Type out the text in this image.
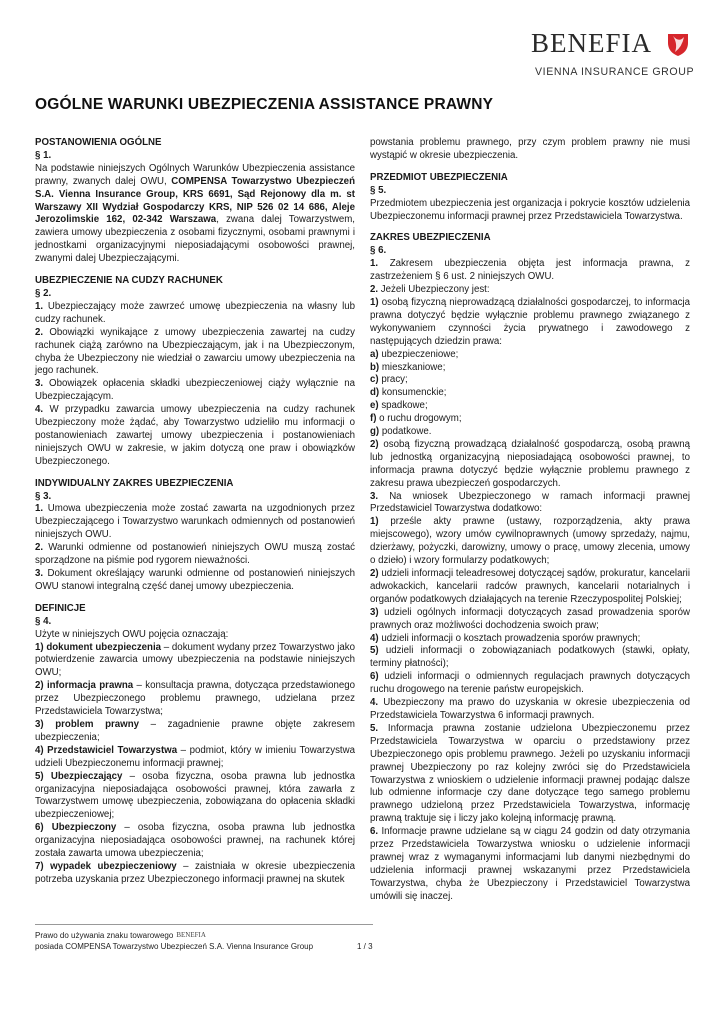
BENEFIA
VIENNA INSURANCE GROUP
OGÓLNE WARUNKI UBEZPIECZENIA ASSISTANCE PRAWNY

POSTANOWIENIA OGÓLNE

§ 1.

Na podstawie niniejszych Ogólnych Warunków Ubezpieczenia assistance prawny, zwanych dalej OWU, COMPENSA Towarzystwo Ubezpieczeń S.A. Vienna Insurance Group, KRS 6691, Sąd Rejonowy dla m. st Warszawy XII Wydział Gospodarczy KRS, NIP 526 02 14 686, Aleje Jerozolimskie 162, 02-342 Warszawa, zwana dalej Towarzystwem, zawiera umowy ubezpieczenia z osobami fizycznymi, osobami prawnymi i jednostkami organizacyjnymi nieposiadającymi osobowości prawnej, zwanymi dalej Ubezpieczającymi.

UBEZPIECZENIE NA CUDZY RACHUNEK

§ 2.

1. Ubezpieczający może zawrzeć umowę ubezpieczenia na własny lub cudzy rachunek.

2. Obowiązki wynikające z umowy ubezpieczenia zawartej na cudzy rachunek ciążą zarówno na Ubezpieczającym, jak i na Ubezpieczonym, chyba że Ubezpieczony nie wiedział o zawarciu umowy ubezpieczenia na jego rachunek.

3. Obowiązek opłacenia składki ubezpieczeniowej ciąży wyłącznie na Ubezpieczającym.

4. W przypadku zawarcia umowy ubezpieczenia na cudzy rachunek Ubezpieczony może żądać, aby Towarzystwo udzieliło mu informacji o postanowieniach zawartej umowy ubezpieczenia i postanowieniach niniejszych OWU w zakresie, w jakim dotyczą one praw i obowiązków Ubezpieczonego.

INDYWIDUALNY ZAKRES UBEZPIECZENIA

§ 3.

1. Umowa ubezpieczenia może zostać zawarta na uzgodnionych przez Ubezpieczającego i Towarzystwo warunkach odmiennych od postanowień niniejszych OWU.

2. Warunki odmienne od postanowień niniejszych OWU muszą zostać sporządzone na piśmie pod rygorem nieważności.

3. Dokument określający warunki odmienne od postanowień niniejszych OWU stanowi integralną część danej umowy ubezpieczenia.

DEFINICJE

§ 4.

Użyte w niniejszych OWU pojęcia oznaczają:

1) dokument ubezpieczenia – dokument wydany przez Towarzystwo jako potwierdzenie zawarcia umowy ubezpieczenia na podstawie niniejszych OWU;

2) informacja prawna – konsultacja prawna, dotycząca przedstawionego przez Ubezpieczonego problemu prawnego, udzielana przez Przedstawiciela Towarzystwa;

3) problem prawny – zagadnienie prawne objęte zakresem ubezpieczenia;

4) Przedstawiciel Towarzystwa – podmiot, który w imieniu Towarzystwa udzieli Ubezpieczonemu informacji prawnej;

5) Ubezpieczający – osoba fizyczna, osoba prawna lub jednostka organizacyjna nieposiadająca osobowości prawnej, która zawarła z Towarzystwem umowę ubezpieczenia, zobowiązana do opłacenia składki ubezpieczeniowej;

6) Ubezpieczony – osoba fizyczna, osoba prawna lub jednostka organizacyjna nieposiadająca osobowości prawnej, na rachunek której została zawarta umowa ubezpieczenia;

7) wypadek ubezpieczeniowy – zaistniała w okresie ubezpieczenia potrzeba uzyskania przez Ubezpieczonego informacji prawnej na skutek

powstania problemu prawnego, przy czym problem prawny nie musi wystąpić w okresie ubezpieczenia.

PRZEDMIOT UBEZPIECZENIA

§ 5.

Przedmiotem ubezpieczenia jest organizacja i pokrycie kosztów udzielenia Ubezpieczonemu informacji prawnej przez Przedstawiciela Towarzystwa.

ZAKRES UBEZPIECZENIA

§ 6.

1. Zakresem ubezpieczenia objęta jest informacja prawna, z zastrzeżeniem § 6 ust. 2 niniejszych OWU.

2. Jeżeli Ubezpieczony jest:

1) osobą fizyczną nieprowadzącą działalności gospodarczej, to informacja prawna dotyczyć będzie wyłącznie problemu prawnego związanego z wykonywaniem czynności życia prywatnego i zawodowego z następujących dziedzin prawa:

a) ubezpieczeniowe;

b) mieszkaniowe;

c) pracy;

d) konsumenckie;

e) spadkowe;

f) o ruchu drogowym;

g) podatkowe.

2) osobą fizyczną prowadzącą działalność gospodarczą, osobą prawną lub jednostką organizacyjną nieposiadającą osobowości prawnej, to informacja prawna dotyczyć będzie wyłącznie problemu prawnego z zakresu prawa ubezpieczeń gospodarczych.

3. Na wniosek Ubezpieczonego w ramach informacji prawnej Przedstawiciel Towarzystwa dodatkowo:

1) prześle akty prawne (ustawy, rozporządzenia, akty prawa miejscowego), wzory umów cywilnoprawnych (umowy sprzedaży, najmu, dzierżawy, pożyczki, darowizny, umowy o pracę, umowy zlecenia, umowy o dzieło) i wzory formularzy podatkowych;

2) udzieli informacji teleadresowej dotyczącej sądów, prokuratur, kancelarii adwokackich, kancelarii radców prawnych, kancelarii notarialnych i organów podatkowych działających na terenie Rzeczypospolitej Polskiej;

3) udzieli ogólnych informacji dotyczących zasad prowadzenia sporów prawnych oraz możliwości dochodzenia swoich praw;

4) udzieli informacji o kosztach prowadzenia sporów prawnych;

5) udzieli informacji o zobowiązaniach podatkowych (stawki, opłaty, terminy płatności);

6) udzieli informacji o odmiennych regulacjach prawnych dotyczących ruchu drogowego na terenie państw europejskich.

4. Ubezpieczony ma prawo do uzyskania w okresie ubezpieczenia od Przedstawiciela Towarzystwa 6 informacji prawnych.

5. Informacja prawna zostanie udzielona Ubezpieczonemu przez Przedstawiciela Towarzystwa w oparciu o przedstawiony przez Ubezpieczonego opis problemu prawnego. Jeżeli po uzyskaniu informacji prawnej Ubezpieczony po raz kolejny zwróci się do Przedstawiciela Towarzystwa z wnioskiem o udzielenie informacji prawnej podając dalsze lub odmienne informacje czy dane dotyczące tego samego problemu prawnego udzieloną przez Przedstawiciela Towarzystwa, informację prawną traktuje się i liczy jako kolejną informację prawną.

6. Informacje prawne udzielane są w ciągu 24 godzin od daty otrzymania przez Przedstawiciela Towarzystwa wniosku o udzielenie informacji prawnej wraz z wymaganymi informacjami lub danymi niezbędnymi do udzielenia informacji prawnej wskazanymi przez Przedstawiciela Towarzystwa, chyba że Ubezpieczony i Przedstawiciel Towarzystwa umówili się inaczej.

Prawo do używania znaku towarowego BENEFIA
posiada COMPENSA Towarzystwo Ubezpieczeń S.A. Vienna Insurance Group	1 / 3
